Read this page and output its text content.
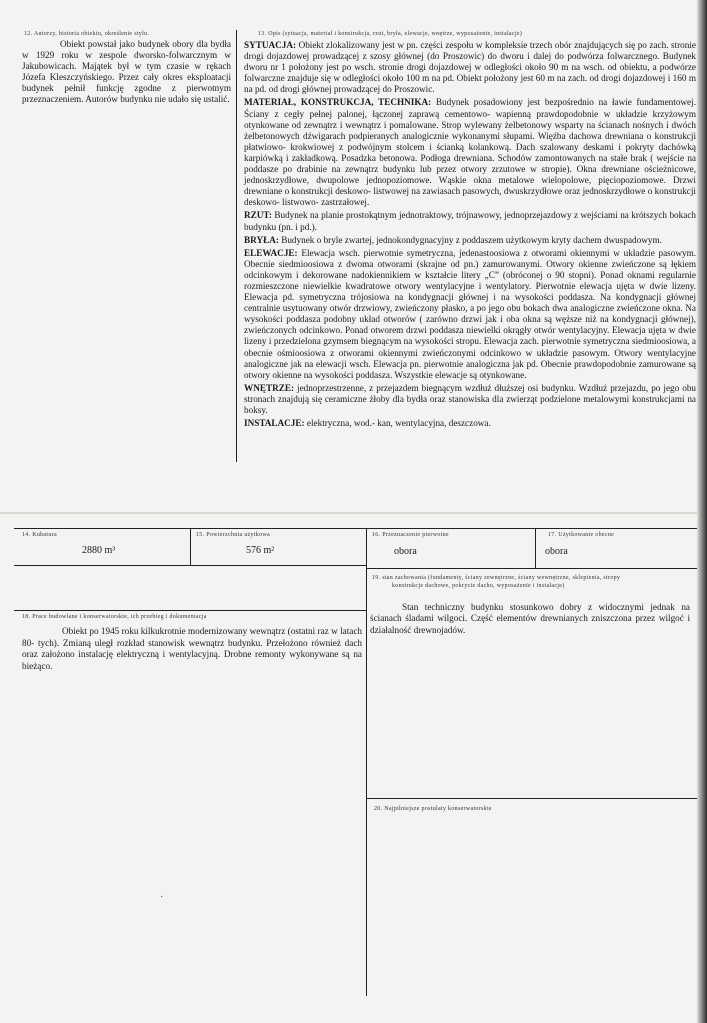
12. Autorzy, historia obiektu, określenie stylu.
Obiekt powstał jako budynek obory dla bydła w 1929 roku w zespole dworsko-folwarcznym w Jakubowicach. Majątek był w tym czasie w rękach Józefa Kleszczyńskiego. Przez cały okres eksploatacji budynek pełnił funkcję zgodne z pierwotnym przeznaczeniem. Autorów budynku nie udało się ustalić.
13. Opis (sytuacja, materiał i konstrukcja, rzut, bryła, elewacje, wnętrze, wyposażenie, instalacje)

SYTUACJA: Obiekt zlokalizowany jest w pn. części zespołu w kompleksie trzech obór znajdujących się po zach. stronie drogi dojazdowej prowadzącej z szosy głównej (do Proszowic) do dworu i dalej do podwórza folwarcznego. Budynek dworu nr 1 położony jest po wsch. stronie drogi dojazdowej w odległości około 90 m na wsch. od obiektu, a podwórze folwarczne znajduje się w odległości około 100 m na pd. Obiekt położony jest 60 m na zach. od drogi dojazdowej i 160 m na pd. od drogi głównej prowadzącej do Proszowic.

MATERIAŁ, KONSTRUKCJA, TECHNIKA: Budynek posadowiony jest bezpośrednio na ławie fundamentowej. Ściany z cegły pełnej palonej, łączonej zaprawą cementowo- wapienną prawdopodobnie w układzie krzyżowym otynkowane od zewnątrz i wewnątrz i pomalowane. Strop wylewany żelbetonowy wsparty na ścianach nośnych i dwóch żelbetonowych dźwigarach podpieranych analogicznie wykonanymi słupami. Więźba dachowa drewniana o konstrukcji płatwiowo- krokwiowej z podwójnym stolcem i ścianką kolankową. Dach szalowany deskami i pokryty dachówką karpiówką i zakładkową. Posadzka betonowa. Podłoga drewniana. Schodów zamontowanych na stałe brak ( wejście na poddasze po drabinie na zewnątrz budynku lub przez otwory zrzutowe w stropie). Okna drewniane ościeżnicowe, jednoskrzydłowe, dwupolowe jednopoziomowe. Wąskie okna metalowe wielopolowe, pięciopoziomowe. Drzwi drewniane o konstrukcji deskowo- listwowej na zawiasach pasowych, dwuskrzydłowe oraz jednoskrzydłowe o konstrukcji deskowo- listwowo- zastrzałowej.

RZUT: Budynek na planie prostokątnym jednotraktowy, trójnawowy, jednoprzejazdowy z wejściami na krótszych bokach budynku (pn. i pd.).

BRYŁA: Budynek o bryle zwartej, jednokondygnacyjny z poddaszem użytkowym kryty dachem dwuspadowym.

ELEWACJE: Elewacja wsch. pierwotnie symetryczna, jedenastoosiowa z otworami okiennymi w układzie pasowym. Obecnie siedmioosiowa z dwoma otworami (skrajne od pn.) zamurowanymi. Otwory okienne zwieńczone są łękiem odcinkowym i dekorowane nadokiennikiem w kształcie litery „C” (obróconej o 90 stopni). Ponad oknami regularnie rozmieszczone niewielkie kwadratowe otwory wentylacyjne i wentylatory. Pierwotnie elewacja ujęta w dwie lizeny. Elewacja pd. symetryczna trójosiowa na kondygnacji głównej i na wysokości poddasza. Na kondygnacji głównej centralnie usytuowany otwór drzwiowy, zwieńczony płasko, a po jego obu bokach dwa analogiczne zwieńczone okna. Na wysokości poddasza podobny układ otworów ( zarówno drzwi jak i oba okna są węższe niż na kondygnacji głównej), zwieńczonych odcinkowo. Ponad otworem drzwi poddasza niewielki okrągły otwór wentylacyjny. Elewacja ujęta w dwie lizeny i przedzielona gzymsem biegnącym na wysokości stropu. Elewacja zach. pierwotnie symetryczna siedmioosiowa, a obecnie ośmioosiowa z otworami okiennymi zwieńczonymi odcinkowo w układzie pasowym. Otwory wentylacyjne analogiczne jak na elewacji wsch. Elewacja pn. pierwotnie analogiczna jak pd. Obecnie prawdopodobnie zamurowane są otwory okienne na wysokości poddasza. Wszystkie elewacje są otynkowane.

WNĘTRZE: jednoprzestrzenne, z przejazdem biegnącym wzdłuż dłuższej osi budynku. Wzdłuż przejazdu, po jego obu stronach znajdują się ceramiczne żłoby dla bydła oraz stanowiska dla zwierząt podzielone metalowymi konstrukcjami na boksy.

INSTALACJE: elektryczna, wod.- kan, wentylacyjna, deszczowa.

14. Kubatura
2880 m³
15. Powierzchnia użytkowa
576 m²
16. Przeznaczenie pierwotne
obora
17. Użytkowanie obecne
obora
18. Prace budowlane i konserwatorskie, ich przebieg i dokumentacja
Obiekt po 1945 roku kilkukrotnie modernizowany wewnątrz (ostatni raz w latach 80- tych). Zmianą uległ rozkład stanowisk wewnątrz budynku. Przełożono również dach oraz założono instalację elektryczną i wentylacyjną. Drobne remonty wykonywane są na bieżąco.
·
19. stan zachowania (fundamenty, ściany zewnętrzne, ściany wewnętrzne, sklepienia, stropy
konstrukcje dachowe, pokrycie dachu, wyposażenie i instalacje)
Stan techniczny budynku stosunkowo dobry z widocznymi jednak na ścianach śladami wilgoci. Część elementów drewnianych zniszczona przez wilgoć i działalność drewnojadów.
20. Najpilniejsze postulaty konserwatorskie
